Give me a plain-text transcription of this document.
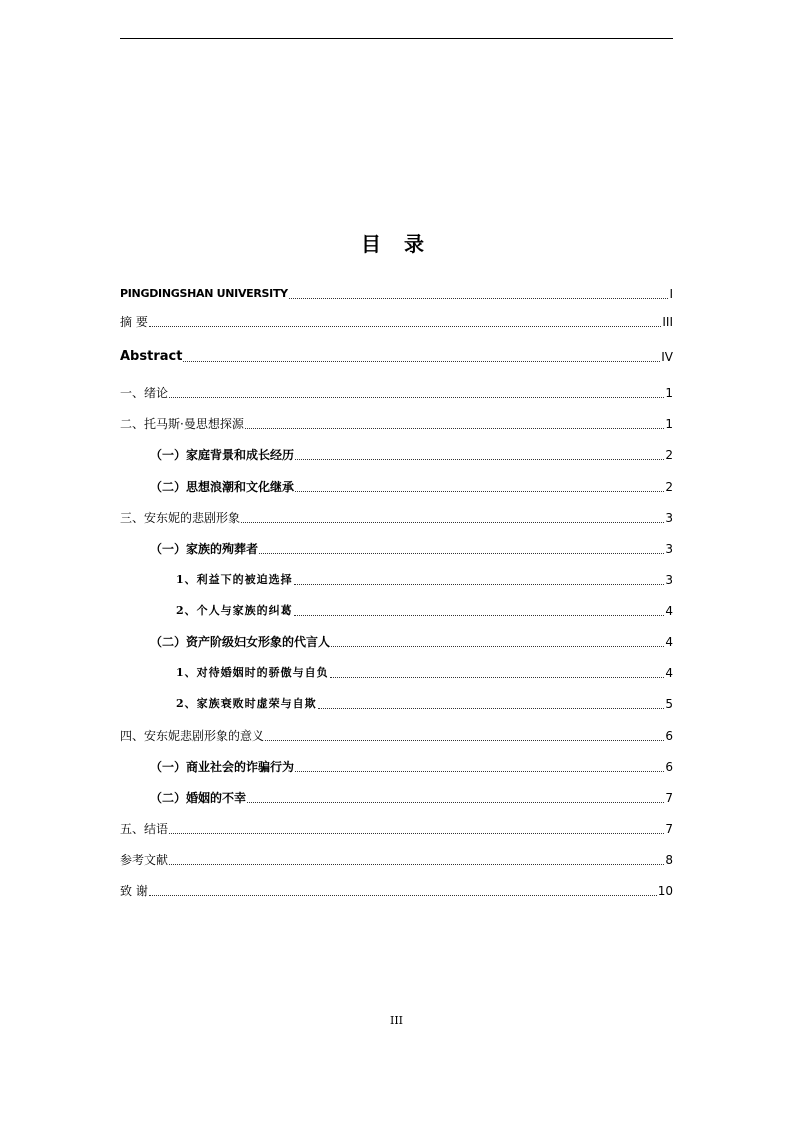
目 录
PINGDINGSHAN UNIVERSITY	I
摘 要	III
Abstract	IV
一、绪论	1
二、托马斯·曼思想探源	1
（一）家庭背景和成长经历	2
（二）思想浪潮和文化继承	2
三、安东妮的悲剧形象	3
（一）家族的殉葬者	3
1、利益下的被迫选择	3
2、个人与家族的纠葛	4
（二）资产阶级妇女形象的代言人	4
1、对待婚姻时的骄傲与自负	4
2、家族衰败时虚荣与自欺	5
四、安东妮悲剧形象的意义	6
（一）商业社会的诈骗行为	6
（二）婚姻的不幸	7
五、结语	7
参考文献	8
致 谢	10
III
